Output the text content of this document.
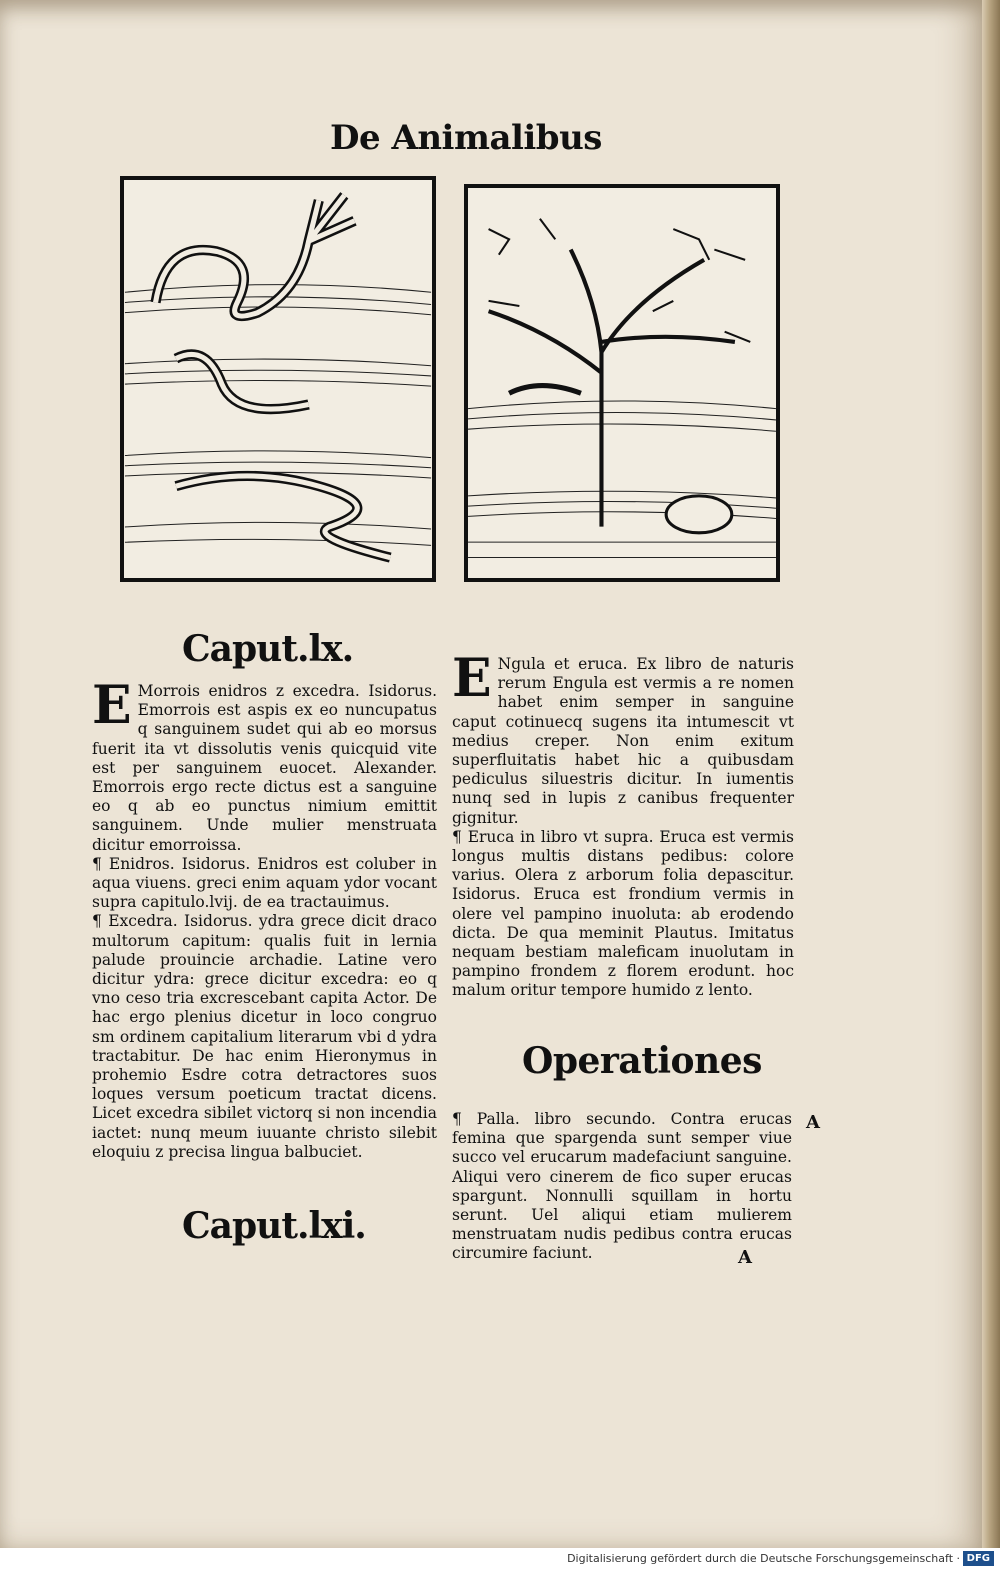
De Animalibus
Caput.lx.

E Morrois enidros z excedra. Isidorus. Emorrois est aspis ex eo nuncupatus q sanguinem sudet qui ab eo morsus fuerit ita vt dissolutis venis quicquid vite est per sanguinem euocet. Alexander. Emorrois ergo recte dictus est a sanguine eo q ab eo punctus nimium emittit sanguinem. Unde mulier menstruata dicitur emorroissa.

¶ Enidros. Isidorus. Enidros est coluber in aqua viuens. greci enim aquam ydor vocant supra capitulo.lvij. de ea tractauimus.

¶ Excedra. Isidorus. ydra grece dicit draco multorum capitum: qualis fuit in lernia palude prouincie archadie. Latine vero dicitur ydra: grece dicitur excedra: eo q vno ceso tria excrescebant capita Actor. De hac ergo plenius dicetur in loco congruo sm ordinem capitalium literarum vbi d ydra tractabitur. De hac enim Hieronymus in prohemio Esdre cotra detractores suos loques versum poeticum tractat dicens. Licet excedra sibilet victorq si non incendia iactet: nunq meum iuuante christo silebit eloquiu z precisa lingua balbuciet.

Caput.lxi.

E Ngula et eruca. Ex libro de naturis rerum Engula est vermis a re nomen habet enim semper in sanguine caput cotinuecq sugens ita intumescit vt medius creper. Non enim exitum superfluitatis habet hic a quibusdam pediculus siluestris dicitur. In iumentis nunq sed in lupis z canibus frequenter gignitur.

¶ Eruca in libro vt supra. Eruca est vermis longus multis distans pedibus: colore varius. Olera z arborum folia depascitur. Isidorus. Eruca est frondium vermis in olere vel pampino inuoluta: ab erodendo dicta. De qua meminit Plautus. Imitatus nequam bestiam maleficam inuolutam in pampino frondem z florem erodunt. hoc malum oritur tempore humido z lento.

Operationes

¶ Palla. libro secundo. Contra erucas femina que spargenda sunt semper viue succo vel erucarum madefaciunt sanguine. Aliqui vero cinerem de fico super erucas spargunt. Nonnulli squillam in hortu serunt. Uel aliqui etiam mulierem menstruatam nudis pedibus contra erucas circumire faciunt.

A
A
Digitalisierung gefördert durch die Deutsche Forschungsgemeinschaft · DFG
